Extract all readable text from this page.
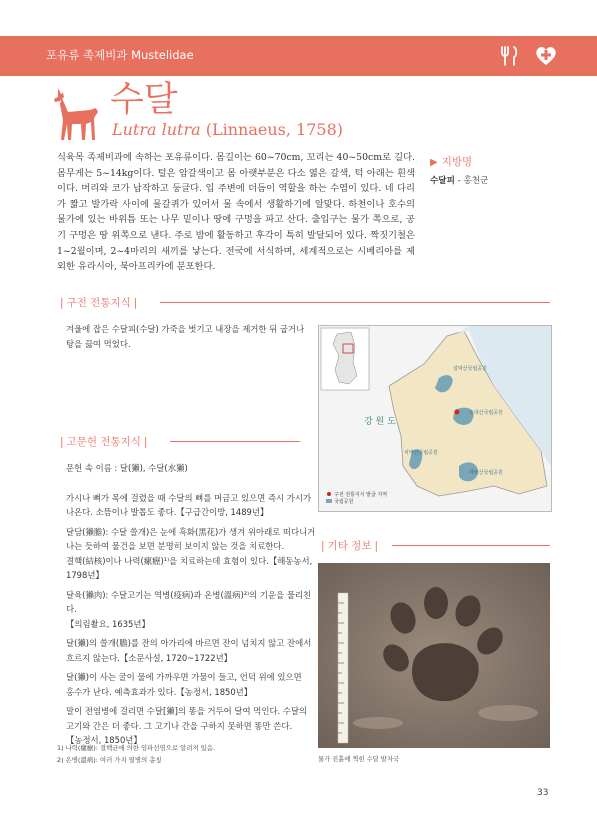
포유류 족제비과 Mustelidae
수달
Lutra lutra (Linnaeus, 1758)
식육목 족제비과에 속하는 포유류이다. 몸길이는 60~70cm, 꼬리는 40~50cm로 길다. 몸무게는 5~14kg이다. 털은 암갈색이고 몸 아랫부분은 다소 엷은 갈색, 턱 아래는 흰색이다. 머리와 코가 납작하고 둥글다. 입 주변에 더듬이 역할을 하는 수염이 있다. 네 다리가 짧고 발가락 사이에 물갈퀴가 있어서 물 속에서 생활하기에 알맞다. 하천이나 호수의 물가에 있는 바위틈 또는 나무 밑이나 땅에 구멍을 파고 산다. 출입구는 물가 쪽으로, 공기 구멍은 땅 위쪽으로 낸다. 주로 밤에 활동하고 후각이 특히 발달되어 있다. 짝짓기철은 1~2월이며, 2~4마리의 새끼를 낳는다. 전국에 서식하며, 세계적으로는 시베리아를 제외한 유라시아, 북아프리카에 분포한다.
▶ 지방명
수달피 - 홍천군
| 구전 전통지식 |
겨울에 잡은 수달피(수달) 가죽을 벗기고 내장을 제거한 뒤 굽거나
탕을 끓여 먹었다.
강 원 도
설악산국립공원
오대산국립공원
치악산국립공원
태백산국립공원
구전 전통지식 발굴 지역
국립공원
| 고문헌 전통지식 |
문헌 속 이름 : 달(獺), 수달(水獺)
가시나 뼈가 목에 걸렸을 때 수달의 뼈를 머금고 있으면 즉시 가시가
나온다. 소뜸이나 발톱도 좋다.【구급간이방, 1489년】
달담(獺膽): 수달 쓸개)은 눈에 흑화(黑花)가 생겨 위아래로 떠다니거
나는 듯하여 물건을 보면 분명히 보이지 않는 것을 치료한다.
결핵(結核)이나 나력(瘰癧)¹⁾을 치료하는데 효험이 있다.【해동농서,
1798년】
달육(獺肉): 수달고기는 역병(疫病)과 온병(溫病)²⁾의 기운을 물리친다.
【의림촬요, 1635년】
달(獺)의 쓸개(膽)를 잔의 아가리에 바르면 잔이 넘치지 않고 잔에서
흐르지 않는다.【소문사설, 1720~1722년】
달(獺)이 사는 굴이 물에 가까우면 가뭄이 들고, 언덕 위에 있으면
홍수가 난다. 예측효과가 있다.【농정서, 1850년】
말이 전염병에 걸리면 수달[獺]의 똥을 거두어 달여 먹인다. 수달의
고기와 간은 더 좋다. 그 고기나 간을 구하지 못하면 똥만 쓴다.
【농정서, 1850년】
| 기타 정보 |
물가 진흙에 찍힌 수달 발자국
1) 나력(瘰癧): 결핵균에 의한 임파선염으로 알려져 있음.
2) 온병(溫病): 여러 가지 열병의 총칭
33
